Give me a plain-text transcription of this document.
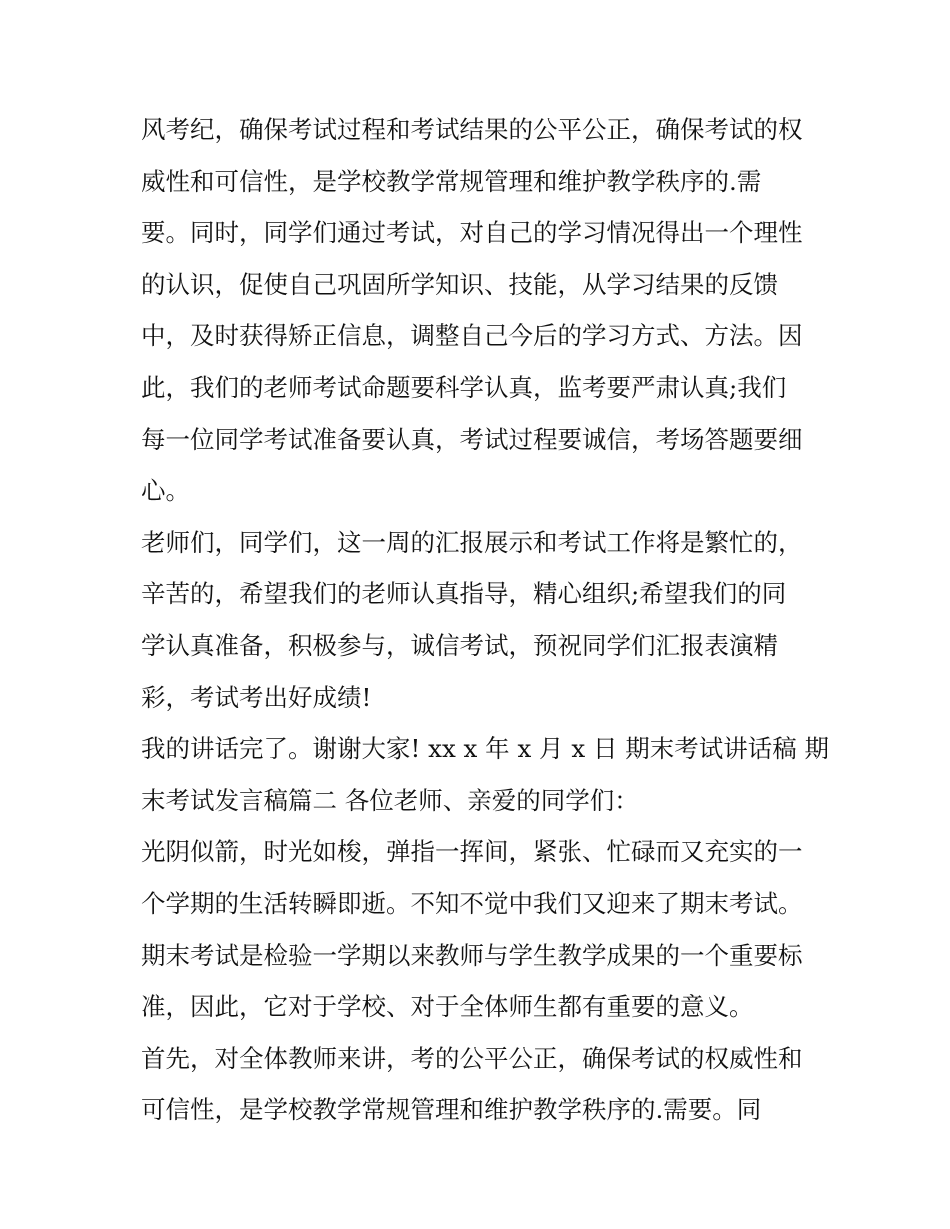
风考纪，确保考试过程和考试结果的公平公正，确保考试的权
威性和可信性，是学校教学常规管理和维护教学秩序的.需
要。同时，同学们通过考试，对自己的学习情况得出一个理性
的认识，促使自己巩固所学知识、技能，从学习结果的反馈
中，及时获得矫正信息，调整自己今后的学习方式、方法。因
此，我们的老师考试命题要科学认真，监考要严肃认真;我们
每一位同学考试准备要认真，考试过程要诚信，考场答题要细
心。
老师们，同学们，这一周的汇报展示和考试工作将是繁忙的，
辛苦的，希望我们的老师认真指导，精心组织;希望我们的同
学认真准备，积极参与，诚信考试，预祝同学们汇报表演精
彩，考试考出好成绩!
我的讲话完了。谢谢大家! xx x 年 x 月 x 日 期末考试讲话稿 期
末考试发言稿篇二 各位老师、亲爱的同学们：
光阴似箭，时光如梭，弹指一挥间，紧张、忙碌而又充实的一
个学期的生活转瞬即逝。不知不觉中我们又迎来了期末考试。
期末考试是检验一学期以来教师与学生教学成果的一个重要标
准，因此，它对于学校、对于全体师生都有重要的意义。
首先，对全体教师来讲，考的公平公正，确保考试的权威性和
可信性，是学校教学常规管理和维护教学秩序的.需要。同
